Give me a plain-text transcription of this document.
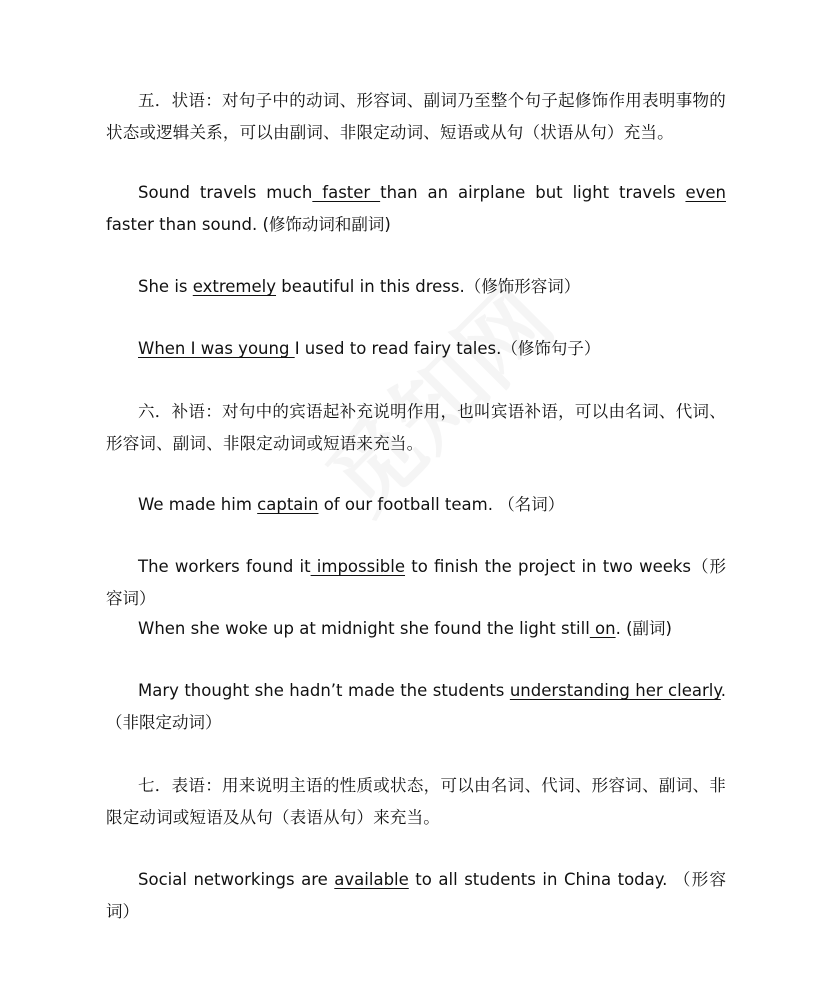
五．状语：对句子中的动词、形容词、副词乃至整个句子起修饰作用表明事物的状态或逻辑关系，可以由副词、非限定动词、短语或从句（状语从句）充当。

Sound travels much faster than an airplane but light travels even faster than sound. (修饰动词和副词)

She is extremely beautiful in this dress.（修饰形容词）

When I was young I used to read fairy tales.（修饰句子）

六．补语：对句中的宾语起补充说明作用，也叫宾语补语，可以由名词、代词、形容词、副词、非限定动词或短语来充当。

We made him captain of our football team. （名词）

The workers found it impossible to finish the project in two weeks（形容词）

When she woke up at midnight she found the light still on. (副词)

Mary thought she hadn’t made the students understanding her clearly.（非限定动词）

七．表语：用来说明主语的性质或状态，可以由名词、代词、形容词、副词、非限定动词或短语及从句（表语从句）来充当。

Social networkings are available to all students in China today. （形容词）
